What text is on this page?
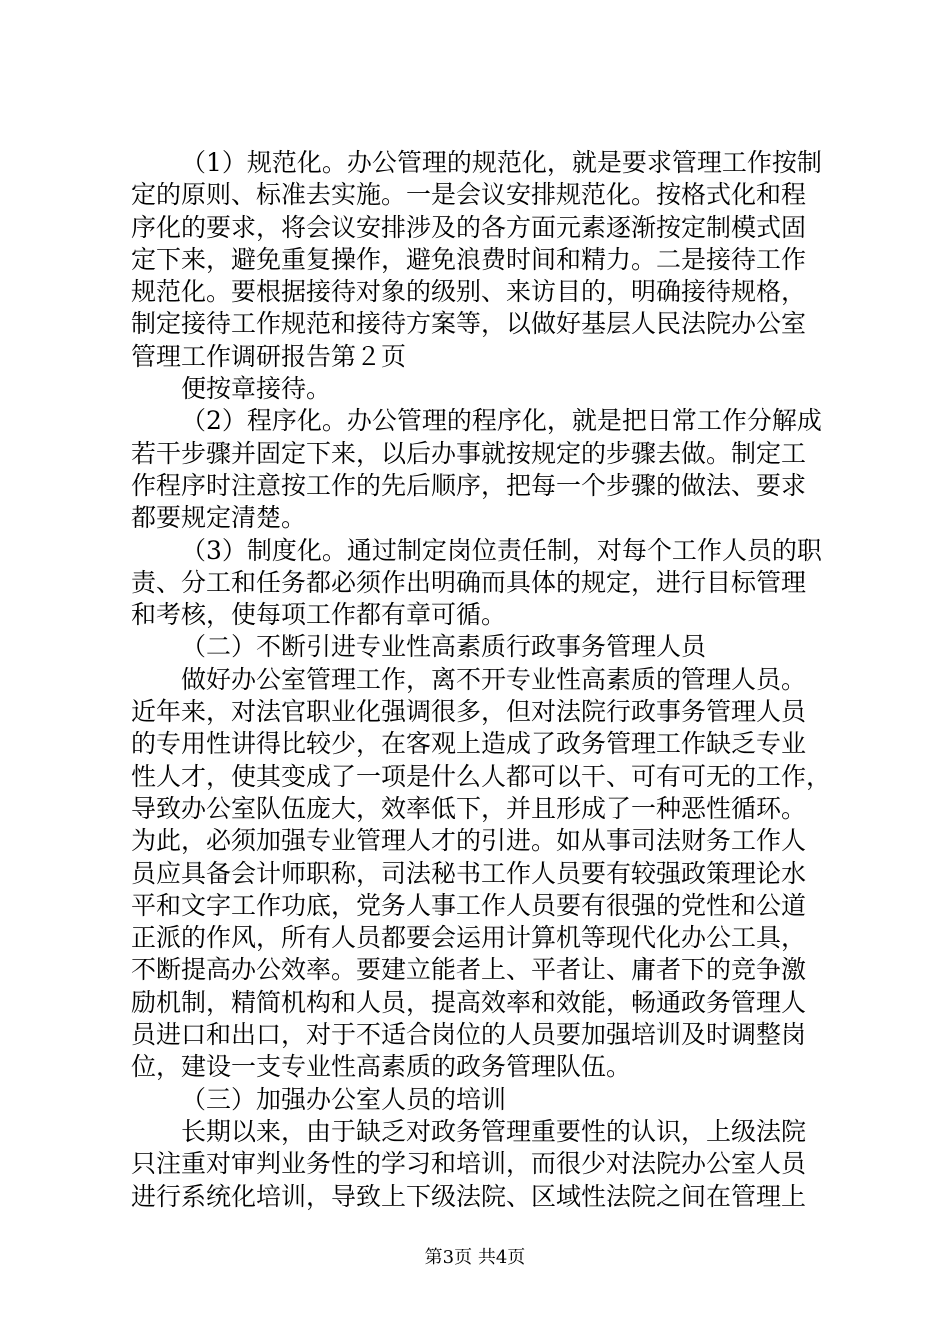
（1）规范化。办公管理的规范化，就是要求管理工作按制
定的原则、标准去实施。一是会议安排规范化。按格式化和程
序化的要求，将会议安排涉及的各方面元素逐渐按定制模式固
定下来，避免重复操作，避免浪费时间和精力。二是接待工作
规范化。要根据接待对象的级别、来访目的，明确接待规格，
制定接待工作规范和接待方案等，以做好基层人民法院办公室
管理工作调研报告第２页
便按章接待。
（2）程序化。办公管理的程序化，就是把日常工作分解成
若干步骤并固定下来，以后办事就按规定的步骤去做。制定工
作程序时注意按工作的先后顺序，把每一个步骤的做法、要求
都要规定清楚。
（3）制度化。通过制定岗位责任制，对每个工作人员的职
责、分工和任务都必须作出明确而具体的规定，进行目标管理
和考核，使每项工作都有章可循。
（二）不断引进专业性高素质行政事务管理人员
做好办公室管理工作，离不开专业性高素质的管理人员。
近年来，对法官职业化强调很多，但对法院行政事务管理人员
的专用性讲得比较少，在客观上造成了政务管理工作缺乏专业
性人才，使其变成了一项是什么人都可以干、可有可无的工作，
导致办公室队伍庞大，效率低下，并且形成了一种恶性循环。
为此，必须加强专业管理人才的引进。如从事司法财务工作人
员应具备会计师职称，司法秘书工作人员要有较强政策理论水
平和文字工作功底，党务人事工作人员要有很强的党性和公道
正派的作风，所有人员都要会运用计算机等现代化办公工具，
不断提高办公效率。要建立能者上、平者让、庸者下的竞争激
励机制，精简机构和人员，提高效率和效能，畅通政务管理人
员进口和出口，对于不适合岗位的人员要加强培训及时调整岗
位，建设一支专业性高素质的政务管理队伍。
（三）加强办公室人员的培训
长期以来，由于缺乏对政务管理重要性的认识，上级法院
只注重对审判业务性的学习和培训，而很少对法院办公室人员
进行系统化培训，导致上下级法院、区域性法院之间在管理上
第3页 共4页
